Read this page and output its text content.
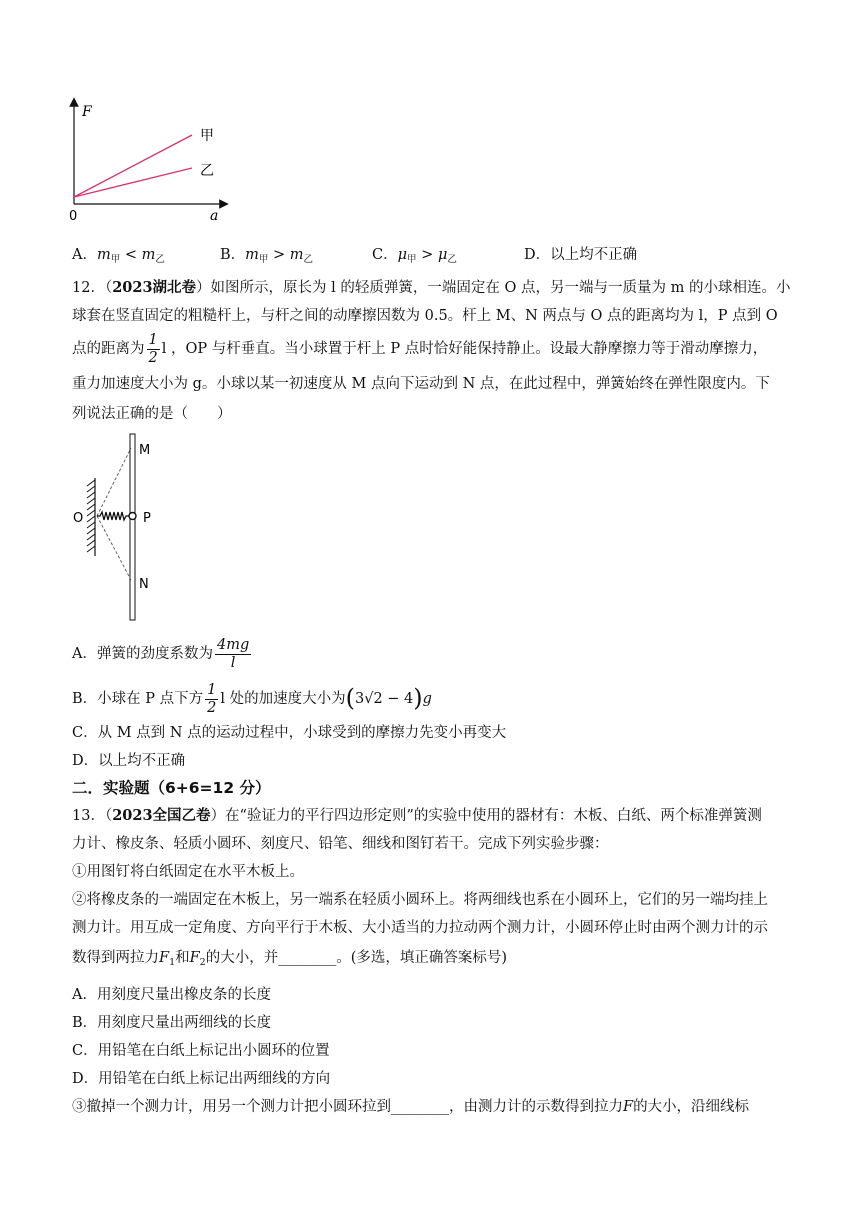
F
a
0
甲
乙
A．$m_甲 < m_乙$	B．$m_甲 > m_乙$	C．$\mu_甲 > \mu_乙$	D．以上均不正确
12．（2023湖北卷）如图所示，原长为 l 的轻质弹簧，一端固定在 O 点，另一端与一质量为 m 的小球相连。小
球套在竖直固定的粗糙杆上，与杆之间的动摩擦因数为 0.5。杆上 M、N 两点与 O 点的距离均为 l，P 点到 O
点的距离为 $\frac{1}{2}$ l ，OP 与杆垂直。当小球置于杆上 P 点时恰好能保持静止。设最大静摩擦力等于滑动摩擦力，
重力加速度大小为 g。小球以某一初速度从 M 点向下运动到 N 点，在此过程中，弹簧始终在弹性限度内。下
列说法正确的是（　　）
M
O	P
N
A．弹簧的劲度系数为 $\frac{4mg}{l}$
B．小球在 P 点下方 $\frac{1}{2}$ l 处的加速度大小为(3√2 − 4)g
C．从 M 点到 N 点的运动过程中，小球受到的摩擦力先变小再变大
D．以上均不正确
二．实验题（6+6=12 分）
13．（2023全国乙卷）在“验证力的平行四边形定则”的实验中使用的器材有：木板、白纸、两个标准弹簧测
力计、橡皮条、轻质小圆环、刻度尺、铅笔、细线和图钉若干。完成下列实验步骤：
①用图钉将白纸固定在水平木板上。
②将橡皮条的一端固定在木板上，另一端系在轻质小圆环上。将两细线也系在小圆环上，它们的另一端均挂上
测力计。用互成一定角度、方向平行于木板、大小适当的力拉动两个测力计，小圆环停止时由两个测力计的示
数得到两拉力$F_1$和$F_2$的大小，并________。(多选，填正确答案标号)
A．用刻度尺量出橡皮条的长度
B．用刻度尺量出两细线的长度
C．用铅笔在白纸上标记出小圆环的位置
D．用铅笔在白纸上标记出两细线的方向
③撤掉一个测力计，用另一个测力计把小圆环拉到________，由测力计的示数得到拉力F的大小，沿细线标
